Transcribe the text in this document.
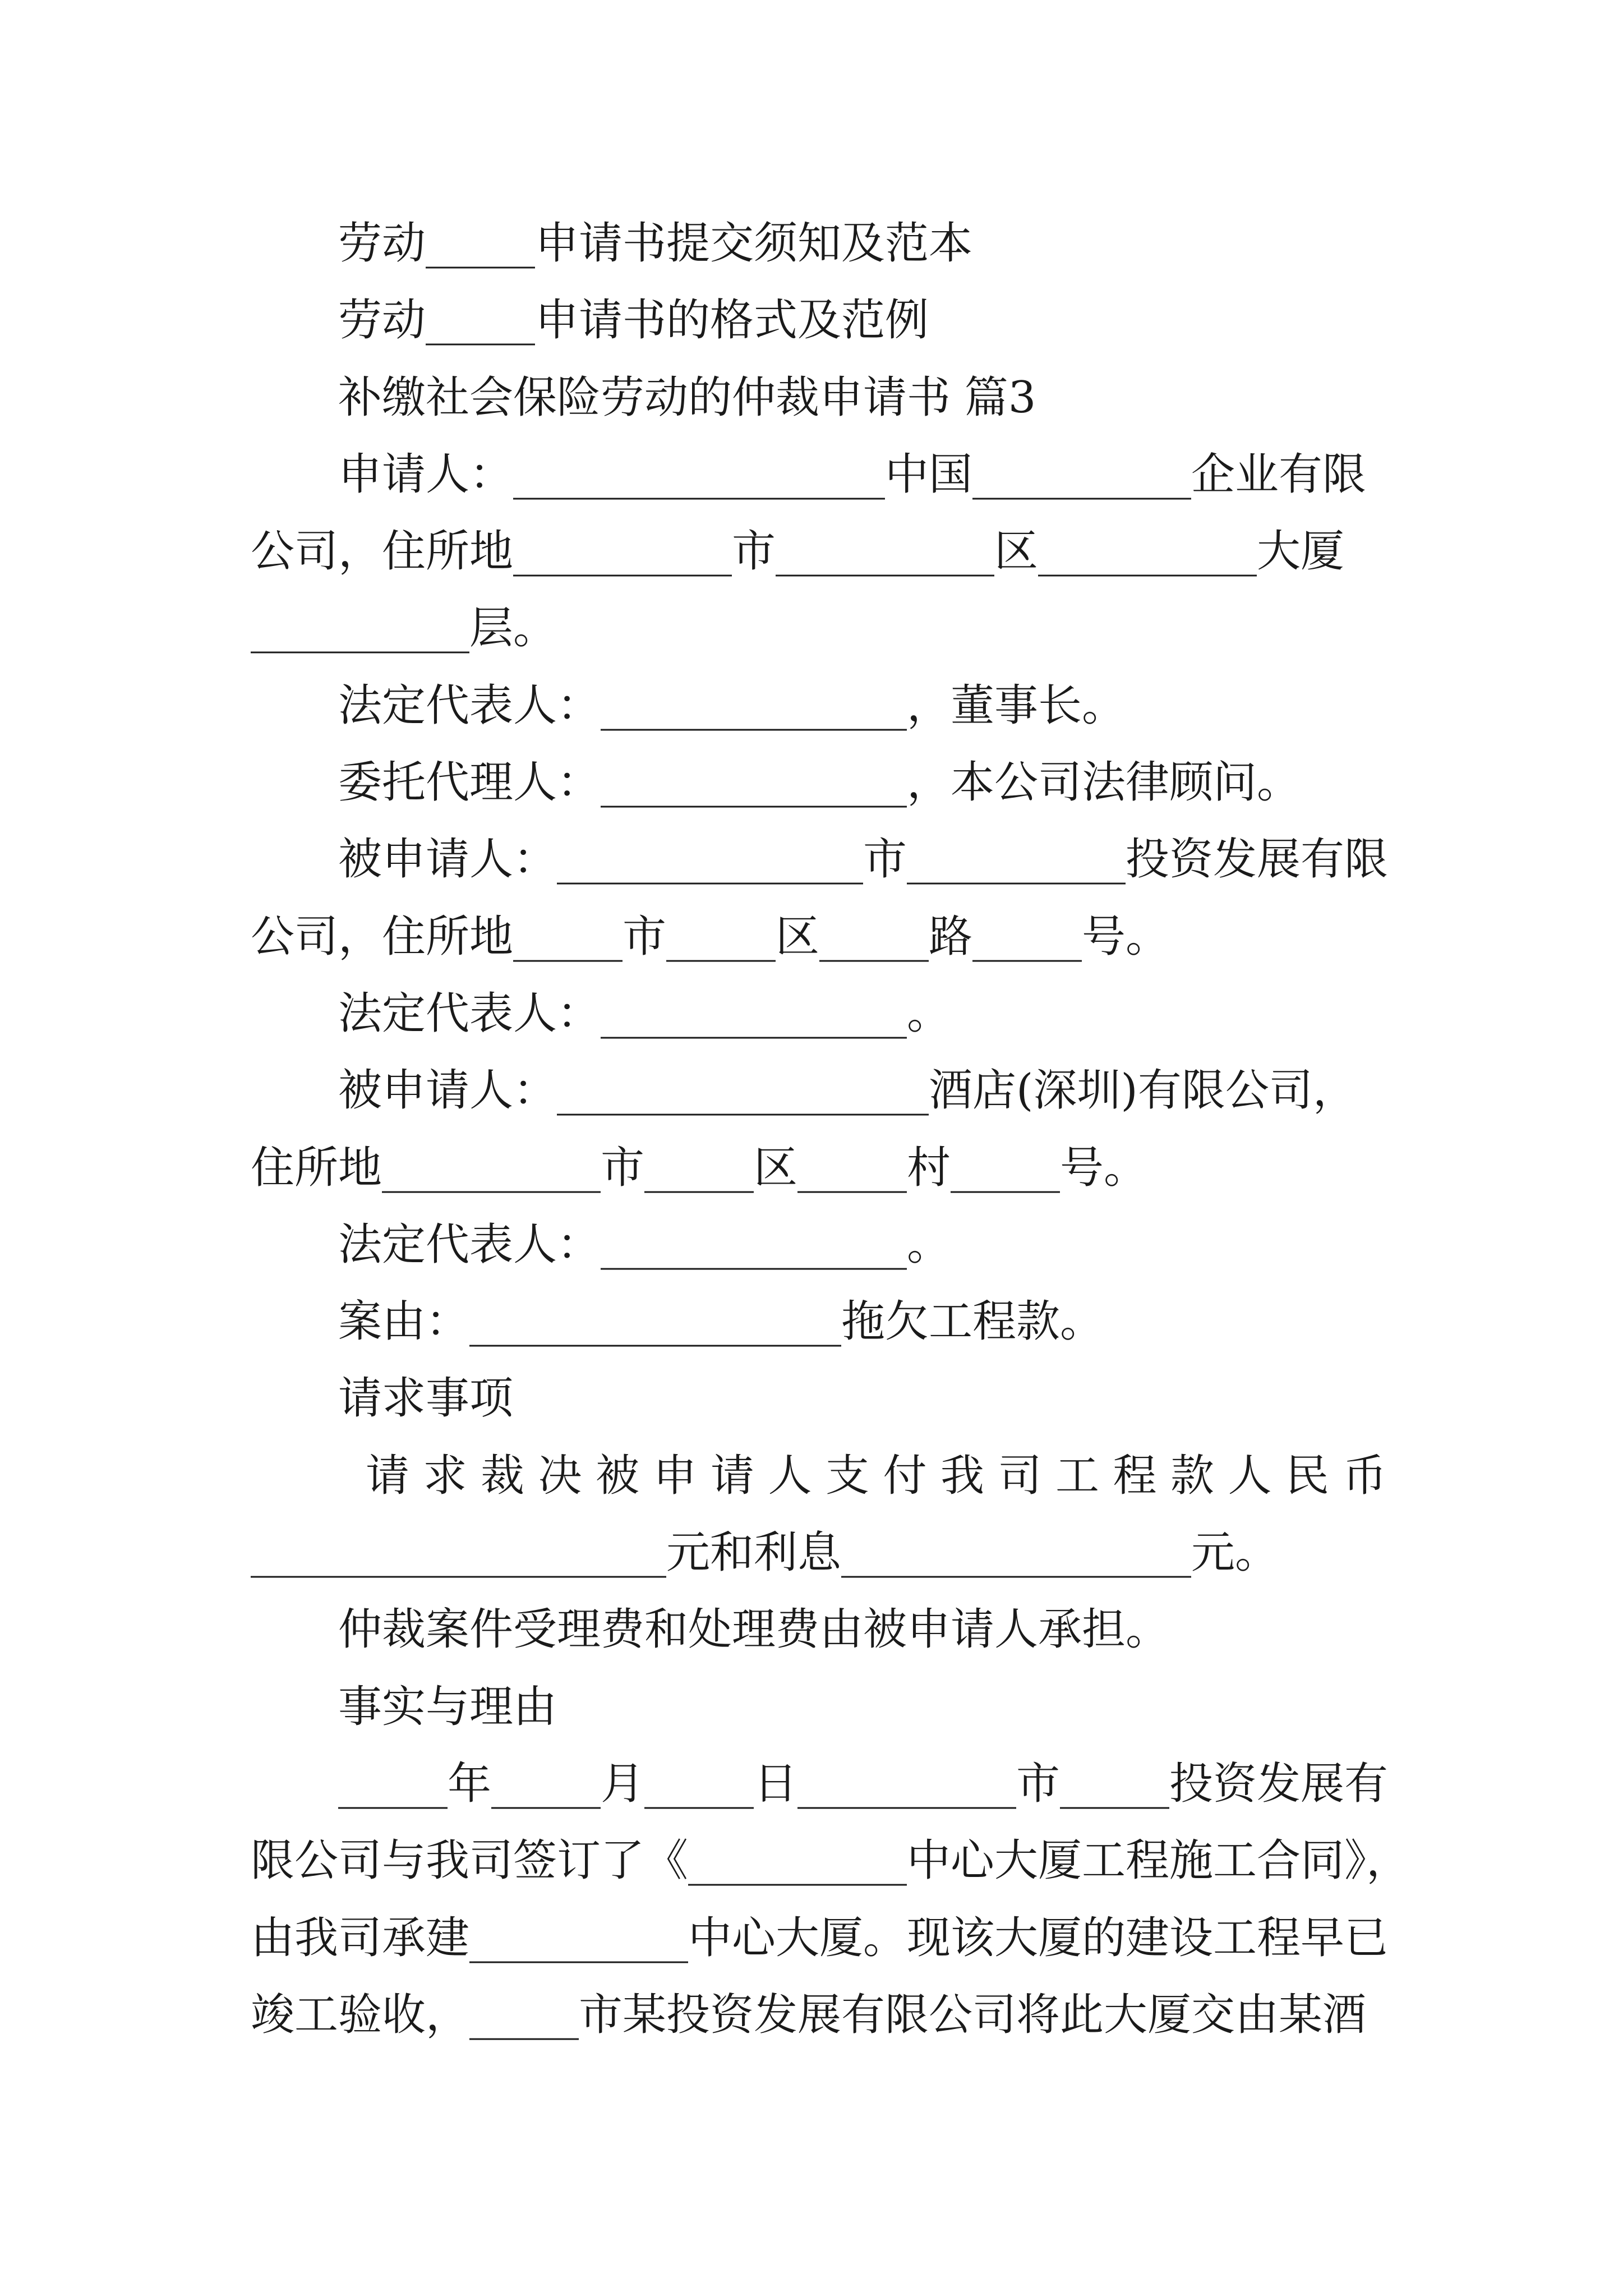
劳动_____申请书提交须知及范本
劳动_____申请书的格式及范例
补缴社会保险劳动的仲裁申请书 篇3
申请人：_________________中国__________企业有限
公司，住所地__________市__________区__________大厦
__________层。
法定代表人：______________，董事长。
委托代理人：______________，本公司法律顾问。
被申请人：______________市__________投资发展有限
公司，住所地_____市_____区_____路_____号。
法定代表人：______________。
被申请人：_________________酒店(深圳)有限公司，
住所地__________市_____区_____村_____号。
法定代表人：______________。
案由：_________________拖欠工程款。
请求事项
请求裁决被申请人支付我司工程款人民币
___________________元和利息________________元。
仲裁案件受理费和处理费由被申请人承担。
事实与理由
_____年_____月_____日__________市_____投资发展有
限公司与我司签订了《__________中心大厦工程施工合同》，
由我司承建__________中心大厦。现该大厦的建设工程早已
竣工验收，_____市某投资发展有限公司将此大厦交由某酒
